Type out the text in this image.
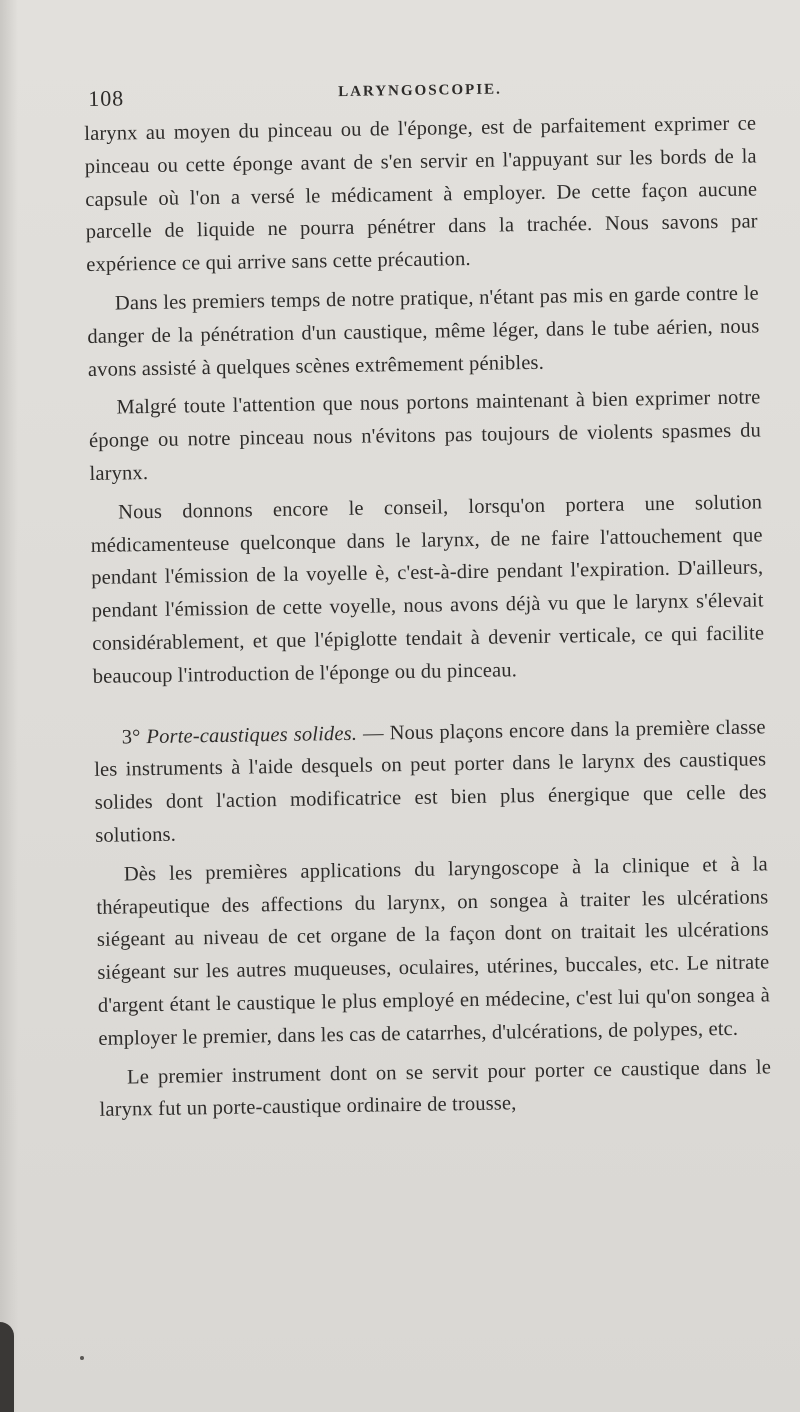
108	LARYNGOSCOPIE.

larynx au moyen du pinceau ou de l'éponge, est de parfaitement exprimer ce pinceau ou cette éponge avant de s'en servir en l'appuyant sur les bords de la capsule où l'on a versé le médicament à employer. De cette façon aucune parcelle de liquide ne pourra pénétrer dans la trachée. Nous savons par expérience ce qui arrive sans cette précaution.

Dans les premiers temps de notre pratique, n'étant pas mis en garde contre le danger de la pénétration d'un caustique, même léger, dans le tube aérien, nous avons assisté à quelques scènes extrêmement pénibles.

Malgré toute l'attention que nous portons maintenant à bien exprimer notre éponge ou notre pinceau nous n'évitons pas toujours de violents spasmes du larynx.

Nous donnons encore le conseil, lorsqu'on portera une solution médicamenteuse quelconque dans le larynx, de ne faire l'attouchement que pendant l'émission de la voyelle è, c'est-à-dire pendant l'expiration. D'ailleurs, pendant l'émission de cette voyelle, nous avons déjà vu que le larynx s'élevait considérablement, et que l'épiglotte tendait à devenir verticale, ce qui facilite beaucoup l'introduction de l'éponge ou du pinceau.

3° Porte-caustiques solides. — Nous plaçons encore dans la première classe les instruments à l'aide desquels on peut porter dans le larynx des caustiques solides dont l'action modificatrice est bien plus énergique que celle des solutions.

Dès les premières applications du laryngoscope à la clinique et à la thérapeutique des affections du larynx, on songea à traiter les ulcérations siégeant au niveau de cet organe de la façon dont on traitait les ulcérations siégeant sur les autres muqueuses, oculaires, utérines, buccales, etc. Le nitrate d'argent étant le caustique le plus employé en médecine, c'est lui qu'on songea à employer le premier, dans les cas de catarrhes, d'ulcérations, de polypes, etc.

Le premier instrument dont on se servit pour porter ce caustique dans le larynx fut un porte-caustique ordinaire de trousse,
